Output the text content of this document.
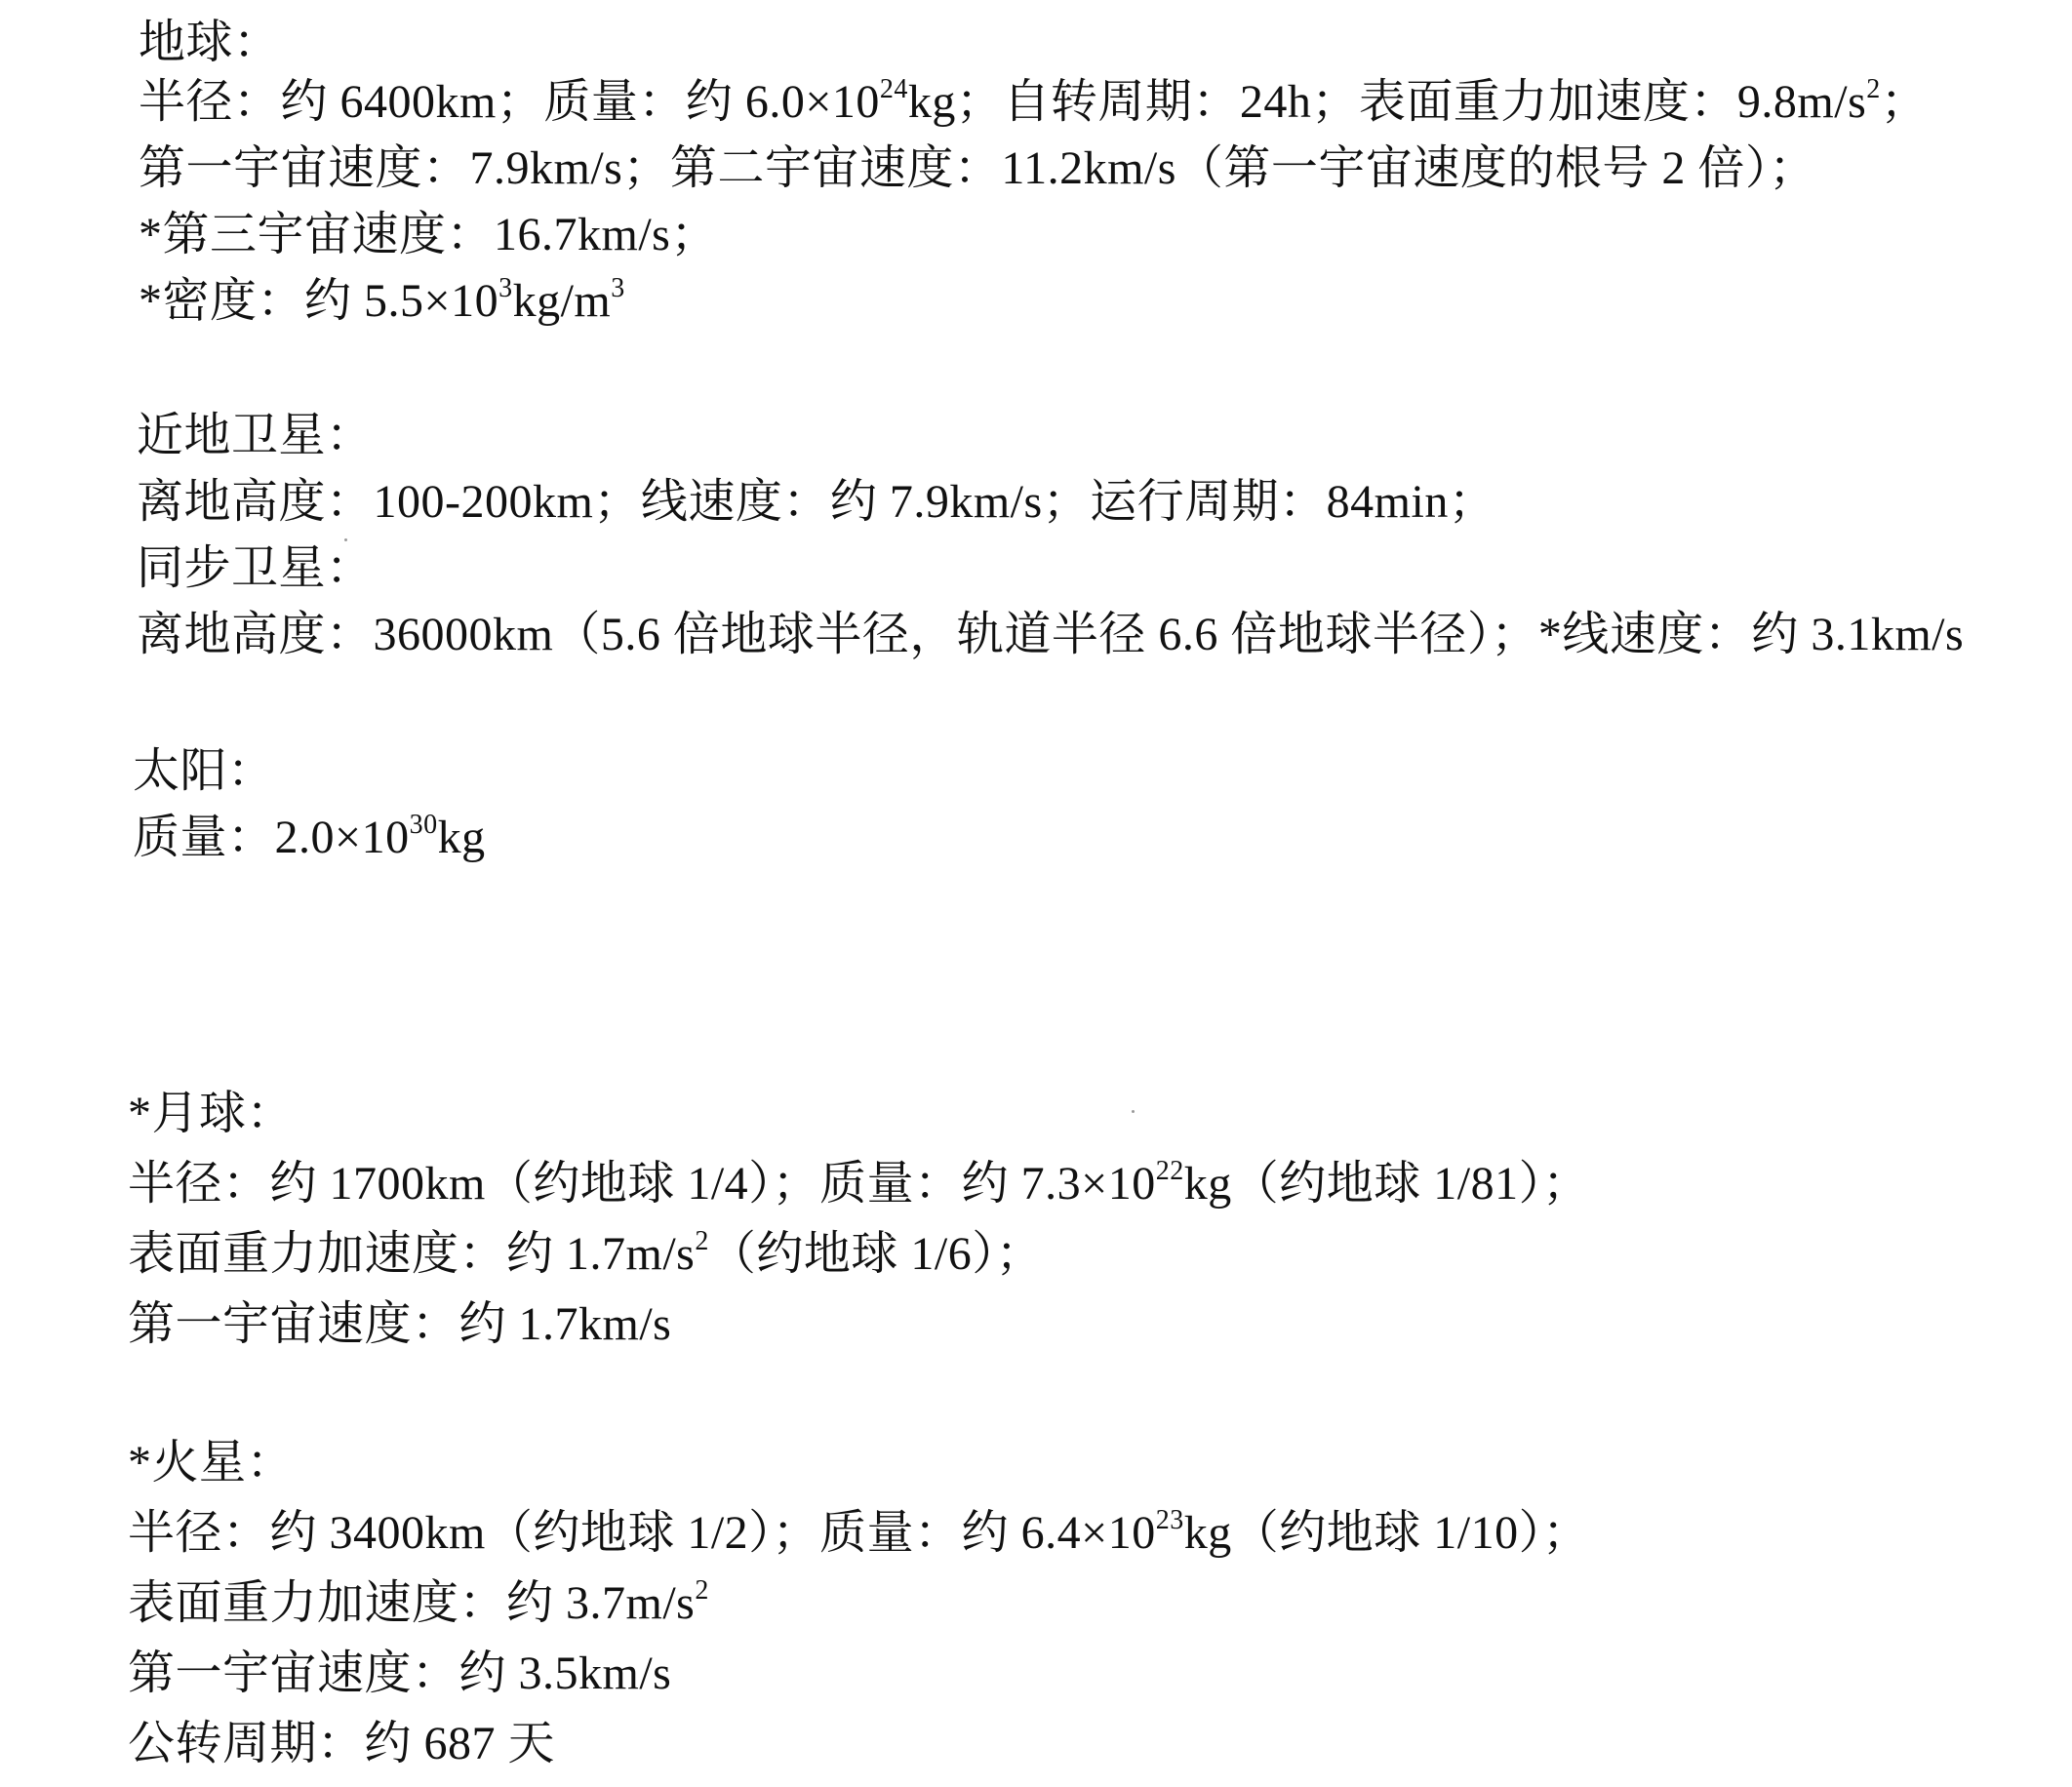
地球：
半径：约 6400km；质量：约 $6.0\times 10^{24}kg$；自转周期：24h；表面重力加速度：$9.8m/s^2$；
第一宇宙速度：7.9km/s；第二宇宙速度：11.2km/s（第一宇宙速度的根号 2 倍）；
*第三宇宙速度：16.7km/s；
*密度：约 $5.5\times 10^3kg/m^3$
近地卫星：
离地高度：100-200km；线速度：约 7.9km/s；运行周期：84min；
同步卫星：
离地高度：36000km（5.6 倍地球半径，轨道半径 6.6 倍地球半径）；*线速度：约 3.1km/s
太阳：
质量：$2.0\times 10^{30}kg$
*月球：
半径：约 1700km（约地球 1/4）；质量：约 $7.3\times 10^{22}kg$（约地球 1/81）；
表面重力加速度：约 $1.7m/s^2$（约地球 1/6）；
第一宇宙速度：约 1.7km/s
*火星：
半径：约 3400km（约地球 1/2）；质量：约 $6.4\times 10^{23}kg$（约地球 1/10）；
表面重力加速度：约 $3.7m/s^2$
第一宇宙速度：约 3.5km/s
公转周期：约 687 天
